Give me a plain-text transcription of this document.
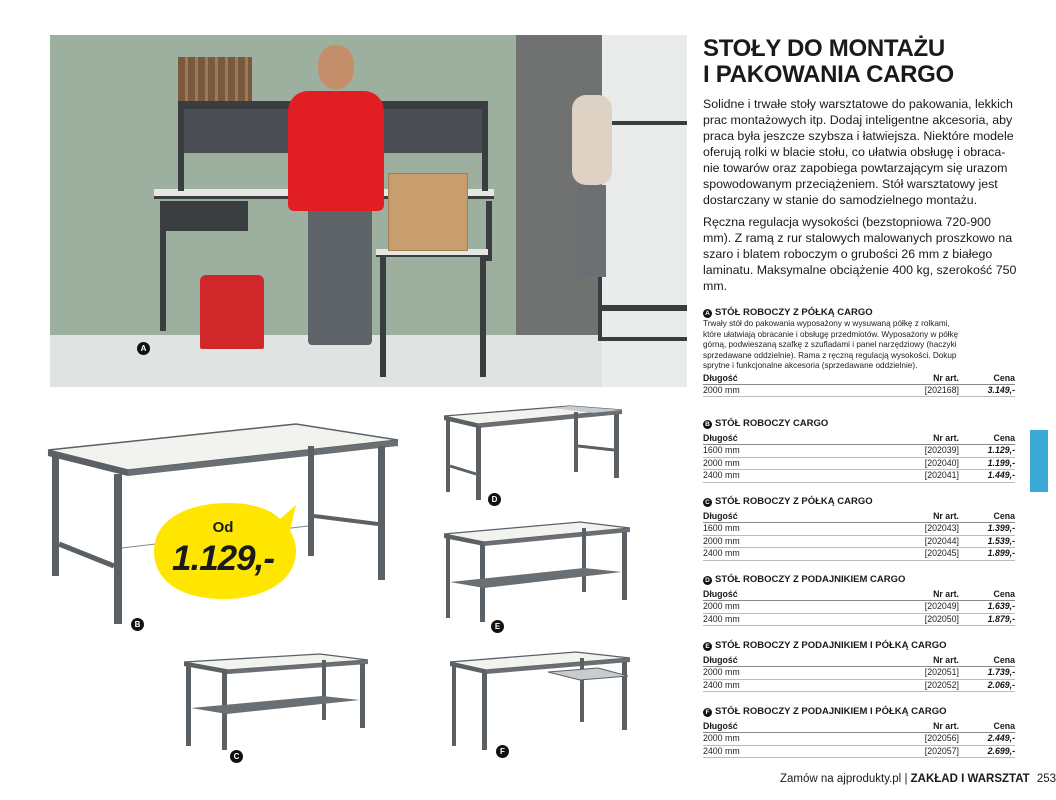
A
B
Od
1.129,-
C
D
E
F
STOŁY DO MONTAŻU
I PAKOWANIA CARGO
Solidne i trwałe stoły warsztatowe do pakowania, lekkich
prac montażowych itp. Dodaj inteligentne akcesoria, aby
praca była jeszcze szybsza i łatwiejsza. Niektóre modele
oferują rolki w blacie stołu, co ułatwia obsługę i obraca-
nie towarów oraz zapobiega powtarzającym się urazom
spowodowanym przeciążeniem. Stół warsztatowy jest
dostarczany w stanie do samodzielnego montażu.
Ręczna regulacja wysokości (bezstopniowa 720-900
mm). Z ramą z rur stalowych malowanych proszkowo na
szaro i blatem roboczym o grubości 26 mm z białego
laminatu. Maksymalne obciążenie 400 kg, szerokość 750
mm.
A STÓŁ ROBOCZY Z PÓŁKĄ CARGO
Trwały stół do pakowania wyposażony w wysuwaną półkę z rolkami,
które ułatwiają obracanie i obsługę przedmiotów. Wyposażony w półkę
górną, podwieszaną szafkę z szufladami i panel narzędziowy (haczyki
sprzedawane oddzielnie). Rama z ręczną regulacją wysokości. Dokup
sprytne i funkcjonalne akcesoria (sprzedawane oddzielnie).
Długość	Nr art.	Cena
2000 mm	[202168]	3.149,-
B STÓŁ ROBOCZY CARGO
Długość	Nr art.	Cena
1600 mm	[202039]	1.129,-
2000 mm	[202040]	1.199,-
2400 mm	[202041]	1.449,-
C STÓŁ ROBOCZY Z PÓŁKĄ CARGO
Długość	Nr art.	Cena
1600 mm	[202043]	1.399,-
2000 mm	[202044]	1.539,-
2400 mm	[202045]	1.899,-
D STÓŁ ROBOCZY Z PODAJNIKIEM CARGO
Długość	Nr art.	Cena
2000 mm	[202049]	1.639,-
2400 mm	[202050]	1.879,-
E STÓŁ ROBOCZY Z PODAJNIKIEM I PÓŁKĄ CARGO
Długość	Nr art.	Cena
2000 mm	[202051]	1.739,-
2400 mm	[202052]	2.069,-
F STÓŁ ROBOCZY Z PODAJNIKIEM I PÓŁKĄ CARGO
Długość	Nr art.	Cena
2000 mm	[202056]	2.449,-
2400 mm	[202057]	2.699,-
Zamów na ajprodukty.pl | ZAKŁAD I WARSZTAT 253
